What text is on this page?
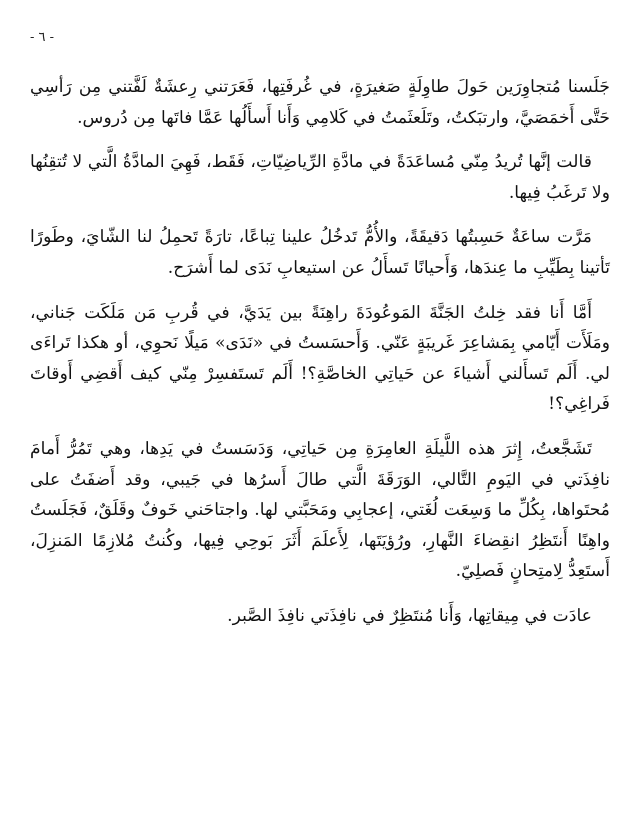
- ٦ -

جَلَسنا مُتجاوِرَين حَولَ طاوِلَةٍ صَغيرَةٍ، في غُرفَتِها، فَعَرَتني رِعشَةٌ لَفَّتني مِن رَأسِي حَتَّى أَخمَصَيَّ، وارتبَكتُ، وتَلَعثَمتُ في كَلامِي وَأَنا أَسأَلُها عَمَّا فاتَها مِن دُروس.

قالت إنَّها تُريدُ مِنّي مُساعَدَةً في مادَّةِ الرِّياضِيّاتِ، فَقَط، فَهِيَ المادَّةُ الَّتي لا تُتقِنُها ولا تَرغَبُ فِيها.

مَرَّت ساعَةٌ حَسِبتُها دَقيقَةً، والأُمُّ تَدخُلُ علينا تِباعًا، تارَةً تَحمِلُ لنا الشّايَ، وطَورًا تَأتينا بِطَيِّبِ ما عِندَها، وَأَحيانًا تَسأَلُ عن استيعابِ نَدَى لما أَشرَح.

أَمَّا أَنا فقد خِلتُ الجَنَّةَ المَوعُودَةَ راهِنَةً بين يَدَيَّ، في قُربِ مَن مَلَكَت جَناني، ومَلَأَت أَيّامي بِمَشاعِرَ غَريبَةٍ عَنّي. وَأَحسَستُ في «نَدَى» مَيلًا نَحوِي، أو هكذا تَراءَى لي. أَلَم تَسأَلني أَشياءَ عن حَياتِي الخاصَّةِ؟! أَلَم تَستَفسِرْ مِنّي كيف أَقضِي أَوقاتَ فَراغِي؟!

تَشَجَّعتُ، إِثرَ هذه اللَّيلَةِ العامِرَةِ مِن حَياتِي، وَدَسَستُ في يَدِها، وهي تَمُرُّ أَمامَ نافِذَتي في اليَومِ التَّالي، الوَرَقَةَ الَّتي طالَ أَسرُها في جَيبي، وقد أَضفَتُ على مُحتَواها، بِكُلِّ ما وَسِعَت لُغَتي، إعجابِي ومَحَبَّتي لها. واجتاحَني خَوفٌ وقَلَقٌ، فَجَلَستُ واهِنًا أَنتَظِرُ انقِضاءَ النَّهارِ، ورُؤيَتَها، لِأَعلَمَ أَثَرَ بَوحِي فِيها، وكُنتُ مُلازِمًا المَنزِلَ، أَستَعِدُّ لِامتِحانٍ فَصلِيّ.

عادَت في مِيقاتِها، وَأَنا مُنتَظِرٌ في نافِذَتي نافِذَ الصَّبر.
